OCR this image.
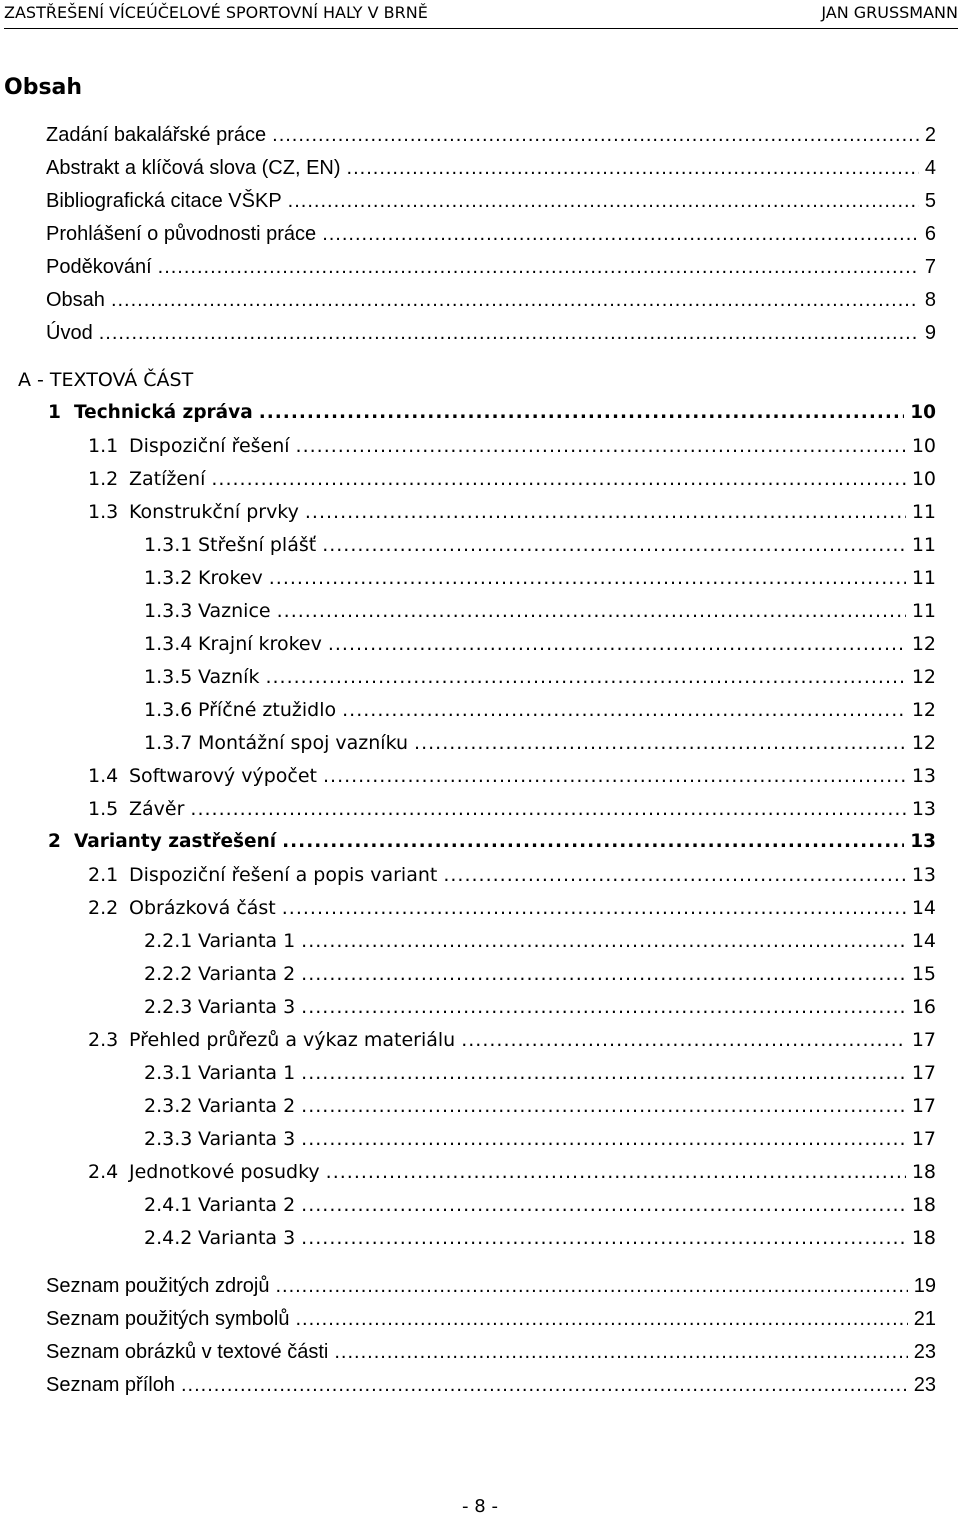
ZASTŘEŠENÍ VÍCEÚČELOVÉ SPORTOVNÍ HALY V BRNĚ	JAN GRUSSMANN
Obsah
Zadání bakalářské práce .....	2
Abstrakt a klíčová slova (CZ, EN) .....	4
Bibliografická citace VŠKP .....	5
Prohlášení o původnosti práce .....	6
Poděkování .....	7
Obsah .....	8
Úvod .....	9
A - TEXTOVÁ ČÁST
1 Technická zpráva .....	10
1.1 Dispoziční řešení .....	10
1.2 Zatížení .....	10
1.3 Konstrukční prvky .....	11
1.3.1 Střešní plášť .....	11
1.3.2 Krokev .....	11
1.3.3 Vaznice .....	11
1.3.4 Krajní krokev .....	12
1.3.5 Vazník .....	12
1.3.6 Příčné ztužidlo .....	12
1.3.7 Montážní spoj vazníku .....	12
1.4 Softwarový výpočet .....	13
1.5 Závěr .....	13
2 Varianty zastřešení .....	13
2.1 Dispoziční řešení a popis variant .....	13
2.2 Obrázková část .....	14
2.2.1 Varianta 1 .....	14
2.2.2 Varianta 2 .....	15
2.2.3 Varianta 3 .....	16
2.3 Přehled průřezů a výkaz materiálu .....	17
2.3.1 Varianta 1 .....	17
2.3.2 Varianta 2 .....	17
2.3.3 Varianta 3 .....	17
2.4 Jednotkové posudky .....	18
2.4.1 Varianta 2 .....	18
2.4.2 Varianta 3 .....	18
Seznam použitých zdrojů .....	19
Seznam použitých symbolů .....	21
Seznam obrázků v textové části .....	23
Seznam příloh .....	23
- 8 -
